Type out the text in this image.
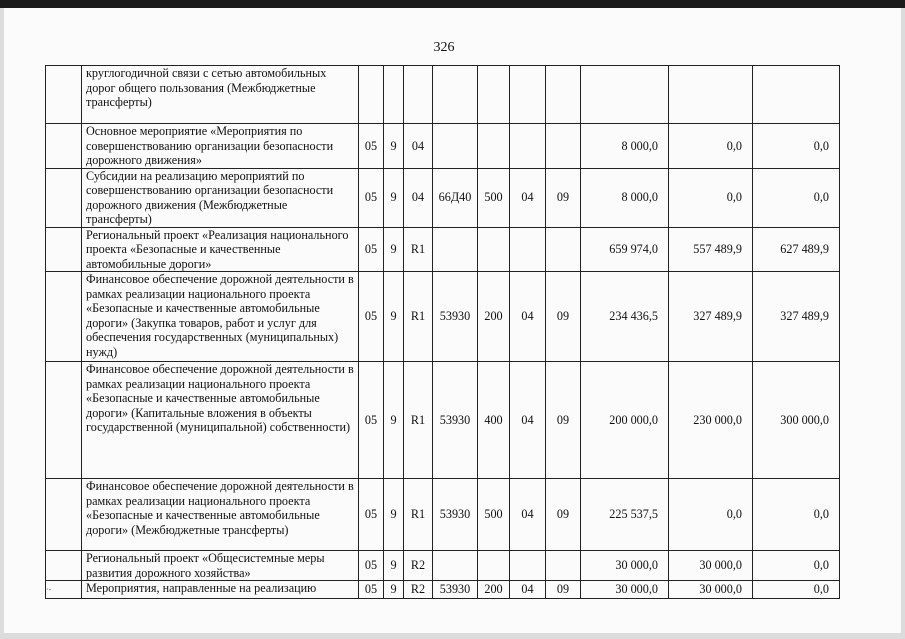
326
	круглогодичной связи с сетью автомобильных дорог общего пользования (Межбюджетные трансферты)										
	Основное мероприятие «Мероприятия по совершенствованию организации безопасности дорожного движения»	05	9	04					8 000,0	0,0	0,0
	Субсидии на реализацию мероприятий по совершенствованию организации безопасности дорожного движения (Межбюджетные трансферты)	05	9	04	66Д40	500	04	09	8 000,0	0,0	0,0
	Региональный проект «Реализация национального проекта «Безопасные и качественные автомобильные дороги»	05	9	R1					659 974,0	557 489,9	627 489,9
	Финансовое обеспечение дорожной деятельности в рамках реализации национального проекта «Безопасные и качественные автомобильные дороги» (Закупка товаров, работ и услуг для обеспечения государственных (муниципальных) нужд)	05	9	R1	53930	200	04	09	234 436,5	327 489,9	327 489,9
	Финансовое обеспечение дорожной деятельности в рамках реализации национального проекта «Безопасные и качественные автомобильные дороги» (Капитальные вложения в объекты государственной (муниципальной) собственности)	05	9	R1	53930	400	04	09	200 000,0	230 000,0	300 000,0
	Финансовое обеспечение дорожной деятельности в рамках реализации национального проекта «Безопасные и качественные автомобильные дороги» (Межбюджетные трансферты)	05	9	R1	53930	500	04	09	225 537,5	0,0	0,0
	Региональный проект «Общесистемные меры развития дорожного хозяйства»	05	9	R2					30 000,0	30 000,0	0,0
·-	Мероприятия, направленные на реализацию	05	9	R2	53930	200	04	09	30 000,0	30 000,0	0,0
